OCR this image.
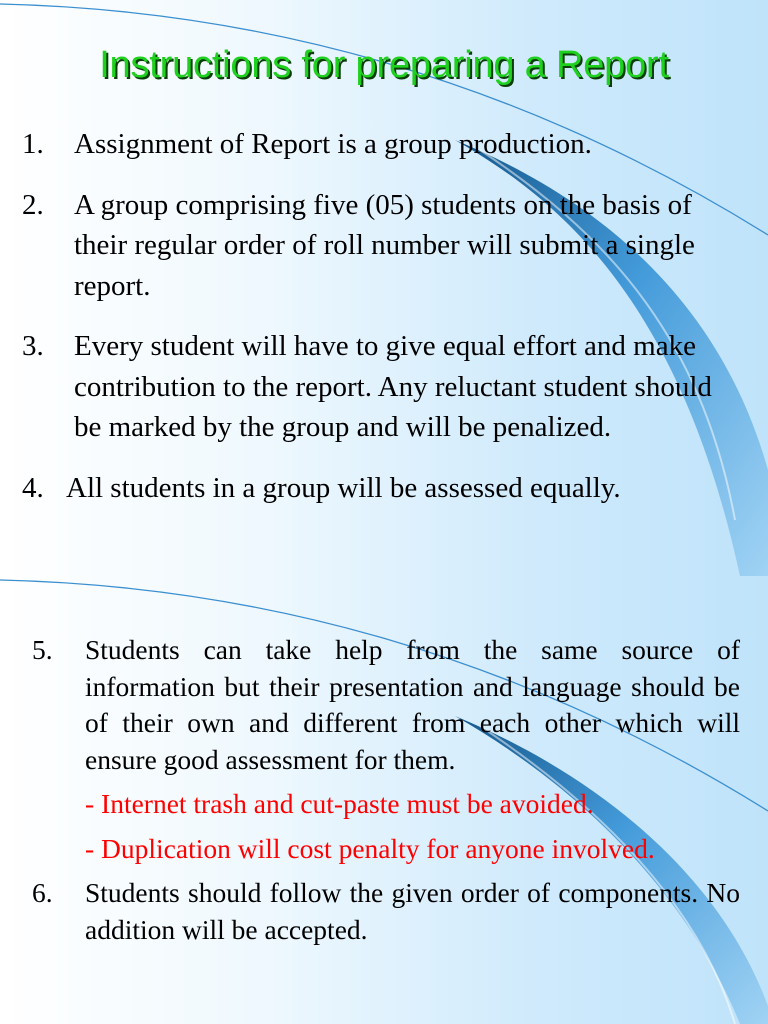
Instructions for preparing a Report
1. Assignment of Report is a group production.
2. A group comprising five (05) students on the basis of their regular order of roll number will submit a single report.
3. Every student will have to give equal effort and make contribution to the report. Any reluctant student should be marked by the group and will be penalized.
4. All students in a group will be assessed equally.
5. Students can take help from the same source of information but their presentation and language should be of their own and different from each other which will ensure good assessment for them.
- Internet trash and cut-paste must be avoided.
- Duplication will cost penalty for anyone involved.
6. Students should follow the given order of components. No addition will be accepted.
